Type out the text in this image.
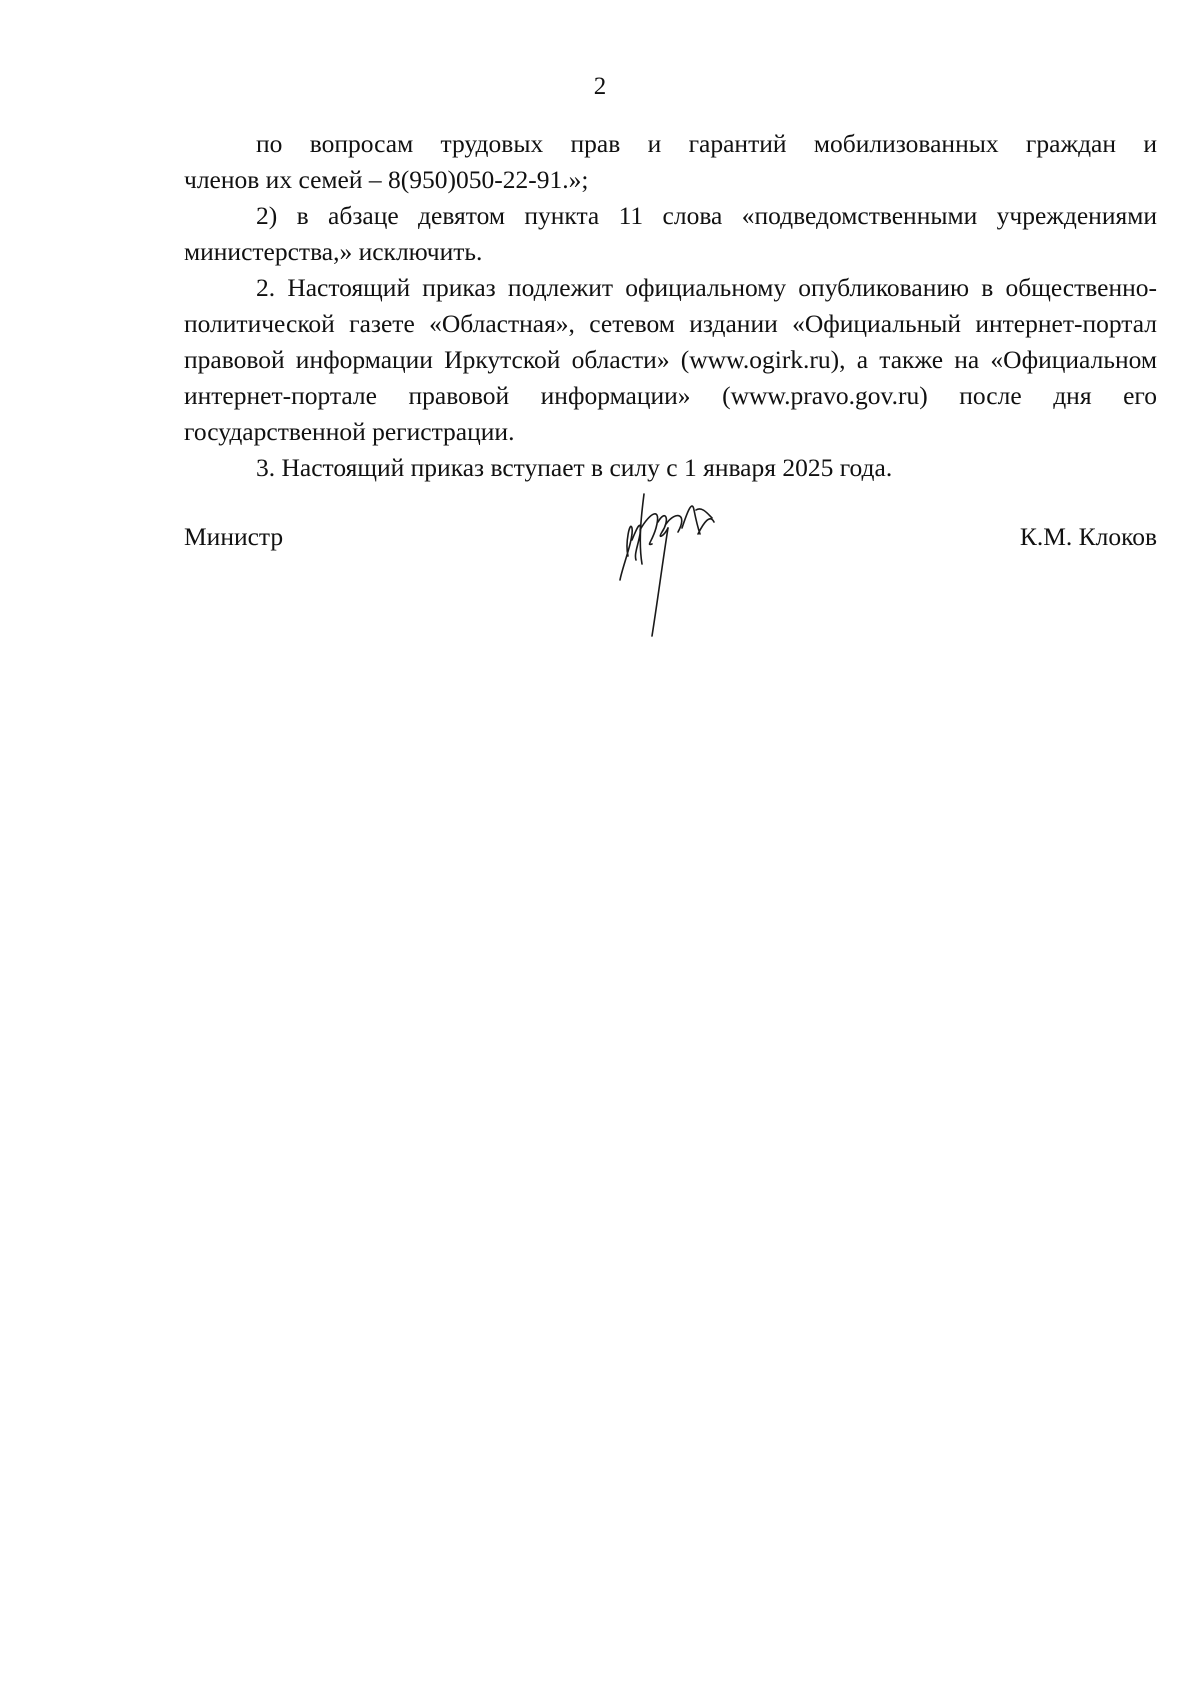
2

по вопросам трудовых прав и гарантий мобилизованных граждан и
членов их семей – 8(950)050-22-91.»;

2) в абзаце девятом пункта 11 слова «подведомственными учреждениями министерства,» исключить.

2. Настоящий приказ подлежит официальному опубликованию в общественно-политической газете «Областная», сетевом издании «Официальный интернет-портал правовой информации Иркутской области» (www.ogirk.ru), а также на «Официальном интернет-портале правовой информации» (www.pravo.gov.ru) после дня его государственной регистрации.

3. Настоящий приказ вступает в силу с 1 января 2025 года.

Министр	К.М. Клоков
